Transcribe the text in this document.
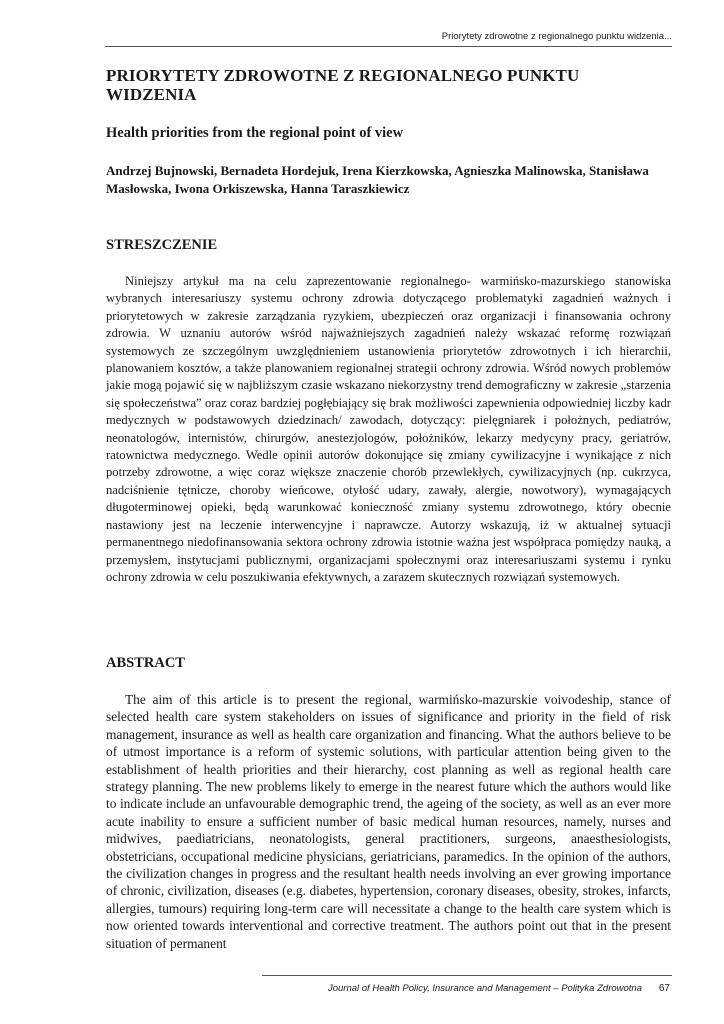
Priorytety zdrowotne z regionalnego punktu widzenia...
PRIORYTETY ZDROWOTNE Z REGIONALNEGO PUNKTU WIDZENIA
Health priorities from the regional point of view

Andrzej Bujnowski, Bernadeta Hordejuk, Irena Kierzkowska, Agnieszka Malinowska, Stanisława Masłowska, Iwona Orkiszewska, Hanna Taraszkiewicz

STRESZCZENIE

Niniejszy artykuł ma na celu zaprezentowanie regionalnego- warmińsko-mazurskiego stanowiska wybranych interesariuszy systemu ochrony zdrowia dotyczącego problematyki zagadnień ważnych i priorytetowych w zakresie zarządzania ryzykiem, ubezpieczeń oraz organizacji i finansowania ochrony zdrowia. W uznaniu autorów wśród najważniejszych zagadnień należy wskazać reformę rozwiązań systemowych ze szczególnym uwzględnieniem ustanowienia priorytetów zdrowotnych i ich hierarchii, planowaniem kosztów, a także planowaniem regionalnej strategii ochrony zdrowia. Wśród nowych problemów jakie mogą pojawić się w najbliższym czasie wskazano niekorzystny trend demograficzny w zakresie „starzenia się społeczeństwa” oraz coraz bardziej pogłębiający się brak możliwości zapewnienia odpowiedniej liczby kadr medycznych w podstawowych dziedzinach/ zawodach, dotyczący: pielęgniarek i położnych, pediatrów, neonatologów, internistów, chirurgów, anestezjologów, położników, lekarzy medycyny pracy, geriatrów, ratownictwa medycznego. Wedle opinii autorów dokonujące się zmiany cywilizacyjne i wynikające z nich potrzeby zdrowotne, a więc coraz większe znaczenie chorób przewlekłych, cywilizacyjnych (np. cukrzyca, nadciśnienie tętnicze, choroby wieńcowe, otyłość udary, zawały, alergie, nowotwory), wymagających długoterminowej opieki, będą warunkować konieczność zmiany systemu zdrowotnego, który obecnie nastawiony jest na leczenie interwencyjne i naprawcze. Autorzy wskazują, iż w aktualnej sytuacji permanentnego niedofinansowania sektora ochrony zdrowia istotnie ważna jest współpraca pomiędzy nauką, a przemysłem, instytucjami publicznymi, organizacjami społecznymi oraz interesariuszami systemu i rynku ochrony zdrowia w celu poszukiwania efektywnych, a zarazem skutecznych rozwiązań systemowych.

ABSTRACT

The aim of this article is to present the regional, warmińsko-mazurskie voivodeship, stance of selected health care system stakeholders on issues of significance and priority in the field of risk management, insurance as well as health care organization and financing. What the authors believe to be of utmost importance is a reform of systemic solutions, with particular attention being given to the establishment of health priorities and their hierarchy, cost planning as well as regional health care strategy planning. The new problems likely to emerge in the nearest future which the authors would like to indicate include an unfavourable demographic trend, the ageing of the society, as well as an ever more acute inability to ensure a sufficient number of basic medical human resources, namely, nurses and midwives, paediatricians, neonatologists, general practitioners, surgeons, anaesthesiologists, obstetricians, occupational medicine physicians, geriatricians, paramedics. In the opinion of the authors, the civilization changes in progress and the resultant health needs involving an ever growing importance of chronic, civilization, diseases (e.g. diabetes, hypertension, coronary diseases, obesity, strokes, infarcts, allergies, tumours) requiring long-term care will necessitate a change to the health care system which is now oriented towards interventional and corrective treatment. The authors point out that in the present situation of permanent

Journal of Health Policy, Insurance and Management – Polityka Zdrowotna 67
